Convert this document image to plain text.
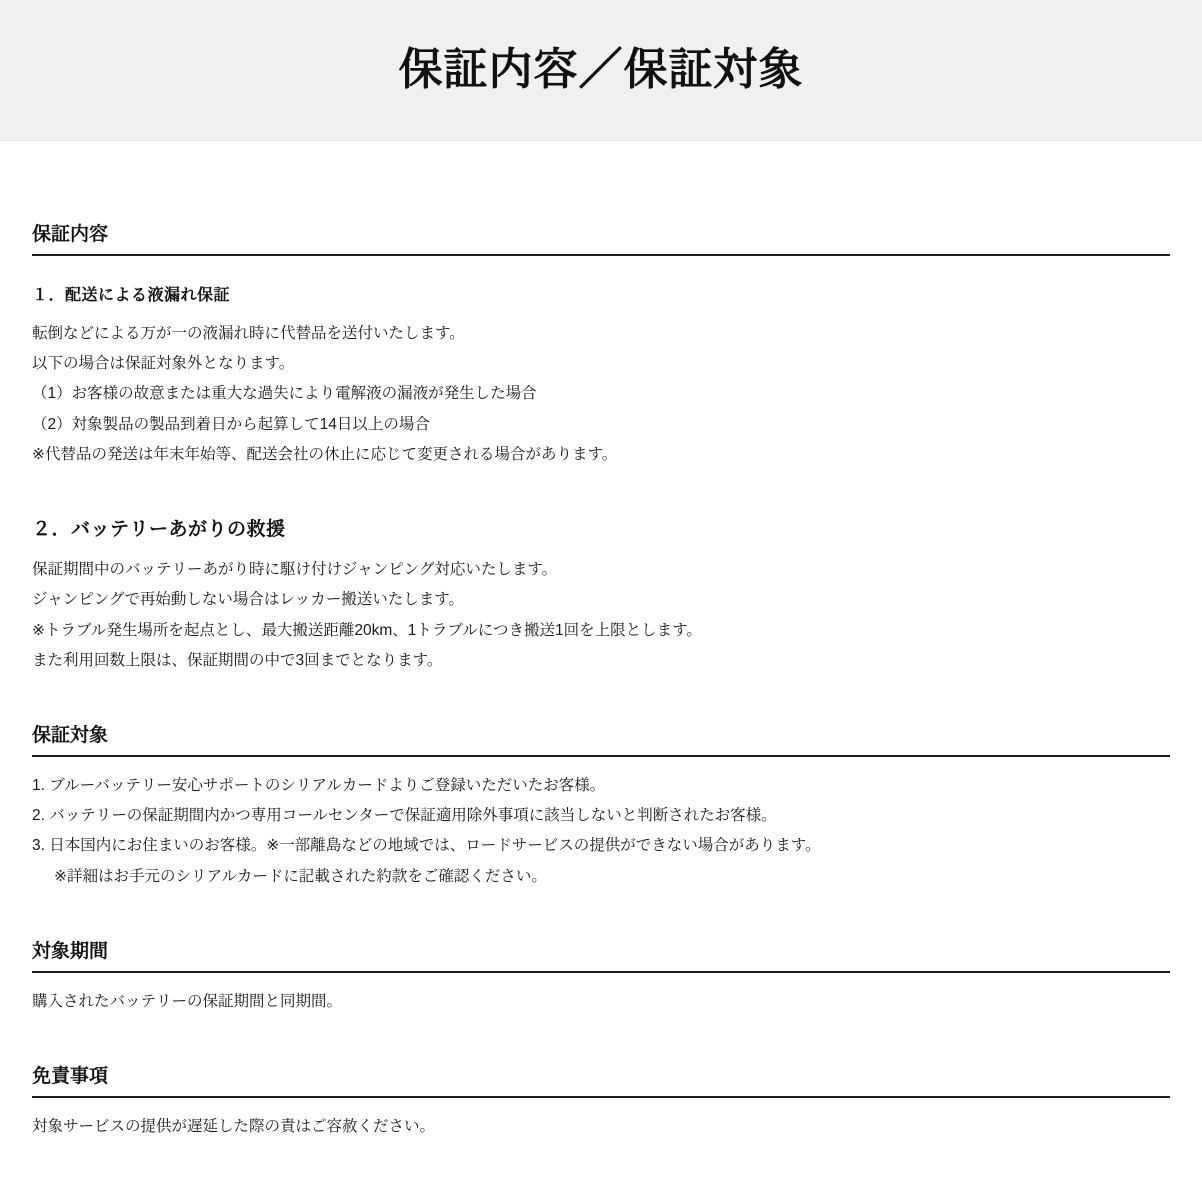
保証内容／保証対象
保証内容
１．配送による液漏れ保証

転倒などによる万が一の液漏れ時に代替品を送付いたします。

以下の場合は保証対象外となります。

（1）お客様の故意または重大な過失により電解液の漏液が発生した場合

（2）対象製品の製品到着日から起算して14日以上の場合

※代替品の発送は年末年始等、配送会社の休止に応じて変更される場合があります。

２．バッテリーあがりの救援

保証期間中のバッテリーあがり時に駆け付けジャンピング対応いたします。

ジャンピングで再始動しない場合はレッカー搬送いたします。

※トラブル発生場所を起点とし、最大搬送距離20km、1トラブルにつき搬送1回を上限とします。

また利用回数上限は、保証期間の中で3回までとなります。

保証対象
1. ブルーバッテリー安心サポートのシリアルカードよりご登録いただいたお客様。
2. バッテリーの保証期間内かつ専用コールセンターで保証適用除外事項に該当しないと判断されたお客様。
3. 日本国内にお住まいのお客様。※一部離島などの地域では、ロードサービスの提供ができない場合があります。
※詳細はお手元のシリアルカードに記載された約款をご確認ください。
対象期間

購入されたバッテリーの保証期間と同期間。

免責事項

対象サービスの提供が遅延した際の責はご容赦ください。
